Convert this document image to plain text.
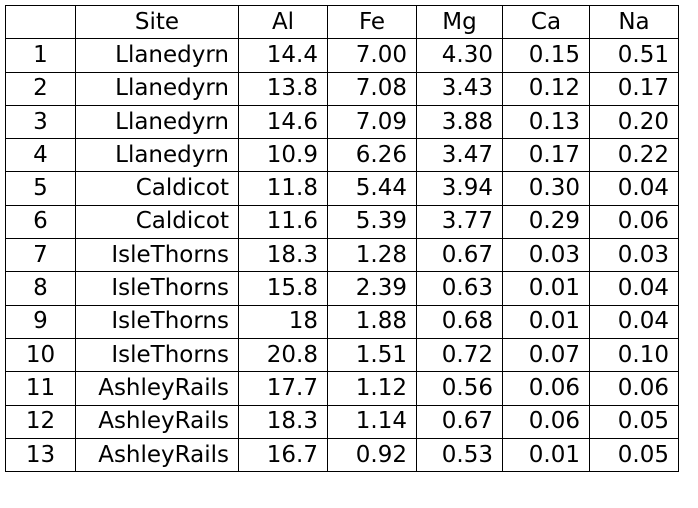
	Site	Al	Fe	Mg	Ca	Na
1	Llanedyrn	14.4	7.00	4.30	0.15	0.51
2	Llanedyrn	13.8	7.08	3.43	0.12	0.17
3	Llanedyrn	14.6	7.09	3.88	0.13	0.20
4	Llanedyrn	10.9	6.26	3.47	0.17	0.22
5	Caldicot	11.8	5.44	3.94	0.30	0.04
6	Caldicot	11.6	5.39	3.77	0.29	0.06
7	IsleThorns	18.3	1.28	0.67	0.03	0.03
8	IsleThorns	15.8	2.39	0.63	0.01	0.04
9	IsleThorns	18	1.88	0.68	0.01	0.04
10	IsleThorns	20.8	1.51	0.72	0.07	0.10
11	AshleyRails	17.7	1.12	0.56	0.06	0.06
12	AshleyRails	18.3	1.14	0.67	0.06	0.05
13	AshleyRails	16.7	0.92	0.53	0.01	0.05
